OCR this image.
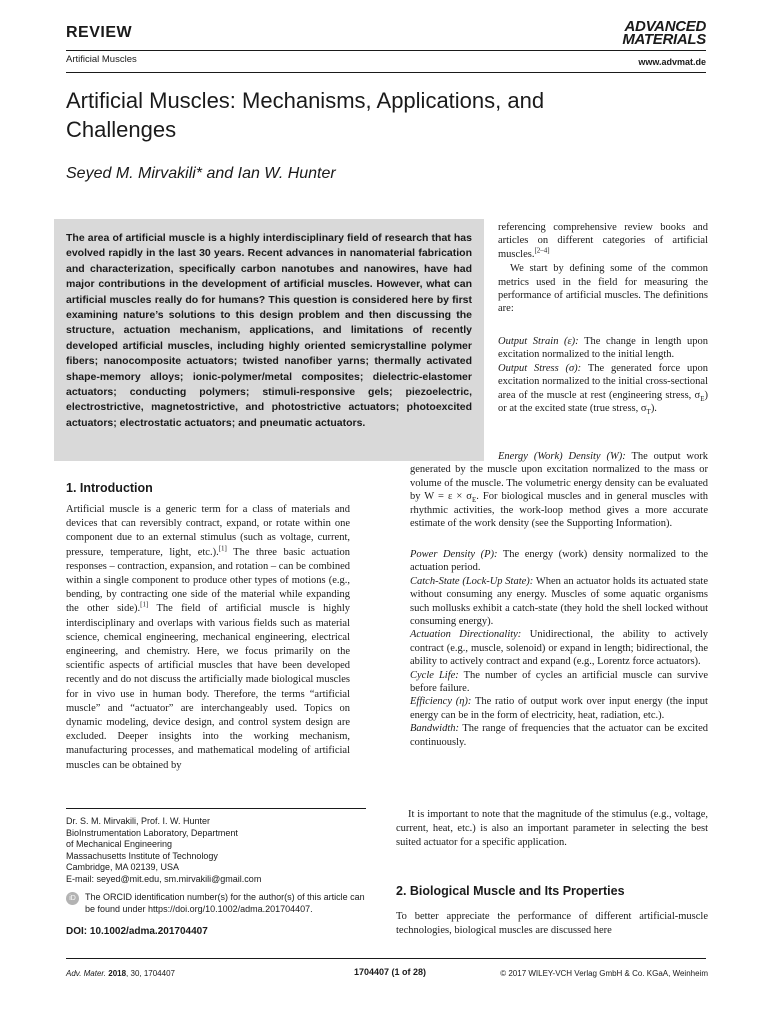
REVIEW
Artificial Muscles
ADVANCED
MATERIALS
www.advmat.de
Artificial Muscles: Mechanisms, Applications, and Challenges
Seyed M. Mirvakili* and Ian W. Hunter
The area of artificial muscle is a highly interdisciplinary field of research that has evolved rapidly in the last 30 years. Recent advances in nanomaterial fabrication and characterization, specifically carbon nanotubes and nanowires, have had major contributions in the development of artificial muscles. However, what can artificial muscles really do for humans? This question is considered here by first examining nature’s solutions to this design problem and then discussing the structure, actuation mechanism, applications, and limitations of recently developed artificial muscles, including highly oriented semicrystalline polymer fibers; nanocomposite actuators; twisted nanofiber yarns; thermally activated shape-memory alloys; ionic-polymer/metal composites; dielectric-elastomer actuators; conducting polymers; stimuli-responsive gels; piezoelectric, electrostrictive, magnetostrictive, and photostrictive actuators; photoexcited actuators; electrostatic actuators; and pneumatic actuators.

referencing comprehensive review books and articles on different categories of artificial muscles.[2–4]

We start by defining some of the common metrics used in the field for measuring the performance of artificial muscles. The definitions are:

Output Strain (ε): The change in length upon excitation normalized to the initial length.

Output Stress (σ): The generated force upon excitation normalized to the initial cross-sectional area of the muscle at rest (engineering stress, $\sigma_E$) or at the excited state (true stress, $\sigma_T$).

Energy (Work) Density (W): The output work generated by the muscle upon excitation normalized to the mass or volume of the muscle. The volumetric energy density can be evaluated by $W = \varepsilon \times \sigma_E$. For biological muscles and in general muscles with rhythmic activities, the work-loop method gives a more accurate estimate of the work density (see the Supporting Information).

Power Density (P): The energy (work) density normalized to the actuation period.

Catch-State (Lock-Up State): When an actuator holds its actuated state without consuming any energy. Muscles of some aquatic organisms such mollusks exhibit a catch-state (they hold the shell locked without consuming energy).

Actuation Directionality: Unidirectional, the ability to actively contract (e.g., muscle, solenoid) or expand in length; bidirectional, the ability to actively contract and expand (e.g., Lorentz force actuators).

Cycle Life: The number of cycles an artificial muscle can survive before failure.

Efficiency (η): The ratio of output work over input energy (the input energy can be in the form of electricity, heat, radiation, etc.).

Bandwidth: The range of frequencies that the actuator can be excited continuously.

1. Introduction
Artificial muscle is a generic term for a class of materials and devices that can reversibly contract, expand, or rotate within one component due to an external stimulus (such as voltage, current, pressure, temperature, light, etc.).[1] The three basic actuation responses – contraction, expansion, and rotation – can be combined within a single component to produce other types of motions (e.g., bending, by contracting one side of the material while expanding the other side).[1] The field of artificial muscle is highly interdisciplinary and overlaps with various fields such as material science, chemical engineering, mechanical engineering, electrical engineering, and chemistry. Here, we focus primarily on the scientific aspects of artificial muscles that have been developed recently and do not discuss the artificially made biological muscles for in vivo use in human body. Therefore, the terms “artificial muscle” and “actuator” are interchangeably used. Topics on dynamic modeling, device design, and control system design are excluded. Deeper insights into the working mechanism, manufacturing processes, and mathematical modeling of artificial muscles can be obtained by
Dr. S. M. Mirvakili, Prof. I. W. Hunter
BioInstrumentation Laboratory, Department
of Mechanical Engineering
Massachusetts Institute of Technology
Cambridge, MA 02139, USA
E-mail: seyed@mit.edu, sm.mirvakili@gmail.com
iD	The ORCID identification number(s) for the author(s) of this article can be found under https://doi.org/10.1002/adma.201704407.
DOI: 10.1002/adma.201704407
It is important to note that the magnitude of the stimulus (e.g., voltage, current, heat, etc.) is also an important parameter in selecting the best suited actuator for a specific application.
2. Biological Muscle and Its Properties
To better appreciate the performance of different artificial-muscle technologies, biological muscles are discussed here
Adv. Mater. 2018, 30, 1704407	1704407 (1 of 28)	© 2017 WILEY-VCH Verlag GmbH & Co. KGaA, Weinheim
